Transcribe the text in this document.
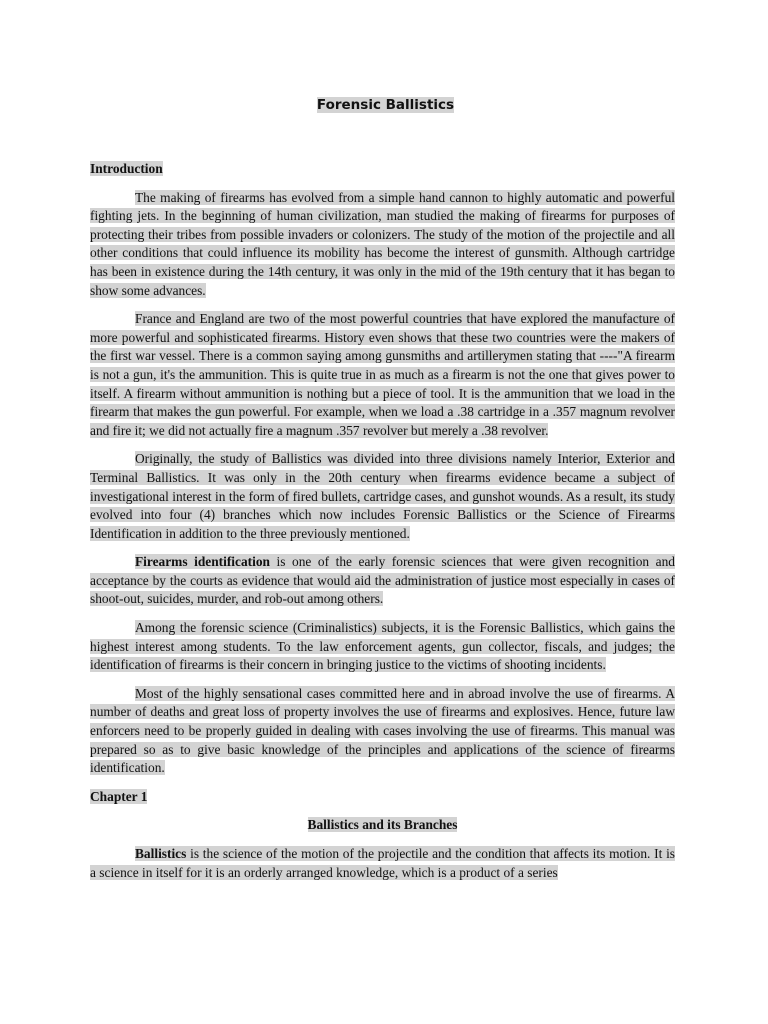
Forensic Ballistics
Introduction

The making of firearms has evolved from a simple hand cannon to highly automatic and powerful fighting jets. In the beginning of human civilization, man studied the making of firearms for purposes of protecting their tribes from possible invaders or colonizers. The study of the motion of the projectile and all other conditions that could influence its mobility has become the interest of gunsmith. Although cartridge has been in existence during the 14th century, it was only in the mid of the 19th century that it has began to show some advances.

France and England are two of the most powerful countries that have explored the manufacture of more powerful and sophisticated firearms. History even shows that these two countries were the makers of the first war vessel. There is a common saying among gunsmiths and artillerymen stating that ----"A firearm is not a gun, it's the ammunition. This is quite true in as much as a firearm is not the one that gives power to itself. A firearm without ammunition is nothing but a piece of tool. It is the ammunition that we load in the firearm that makes the gun powerful. For example, when we load a .38 cartridge in a .357 magnum revolver and fire it; we did not actually fire a magnum .357 revolver but merely a .38 revolver.

Originally, the study of Ballistics was divided into three divisions namely Interior, Exterior and Terminal Ballistics. It was only in the 20th century when firearms evidence became a subject of investigational interest in the form of fired bullets, cartridge cases, and gunshot wounds. As a result, its study evolved into four (4) branches which now includes Forensic Ballistics or the Science of Firearms Identification in addition to the three previously mentioned.

Firearms identification is one of the early forensic sciences that were given recognition and acceptance by the courts as evidence that would aid the administration of justice most especially in cases of shoot-out, suicides, murder, and rob-out among others.

Among the forensic science (Criminalistics) subjects, it is the Forensic Ballistics, which gains the highest interest among students. To the law enforcement agents, gun collector, fiscals, and judges; the identification of firearms is their concern in bringing justice to the victims of shooting incidents.

Most of the highly sensational cases committed here and in abroad involve the use of firearms. A number of deaths and great loss of property involves the use of firearms and explosives. Hence, future law enforcers need to be properly guided in dealing with cases involving the use of firearms. This manual was prepared so as to give basic knowledge of the principles and applications of the science of firearms identification.

Chapter 1
Ballistics and its Branches

Ballistics is the science of the motion of the projectile and the condition that affects its motion. It is a science in itself for it is an orderly arranged knowledge, which is a product of a series
